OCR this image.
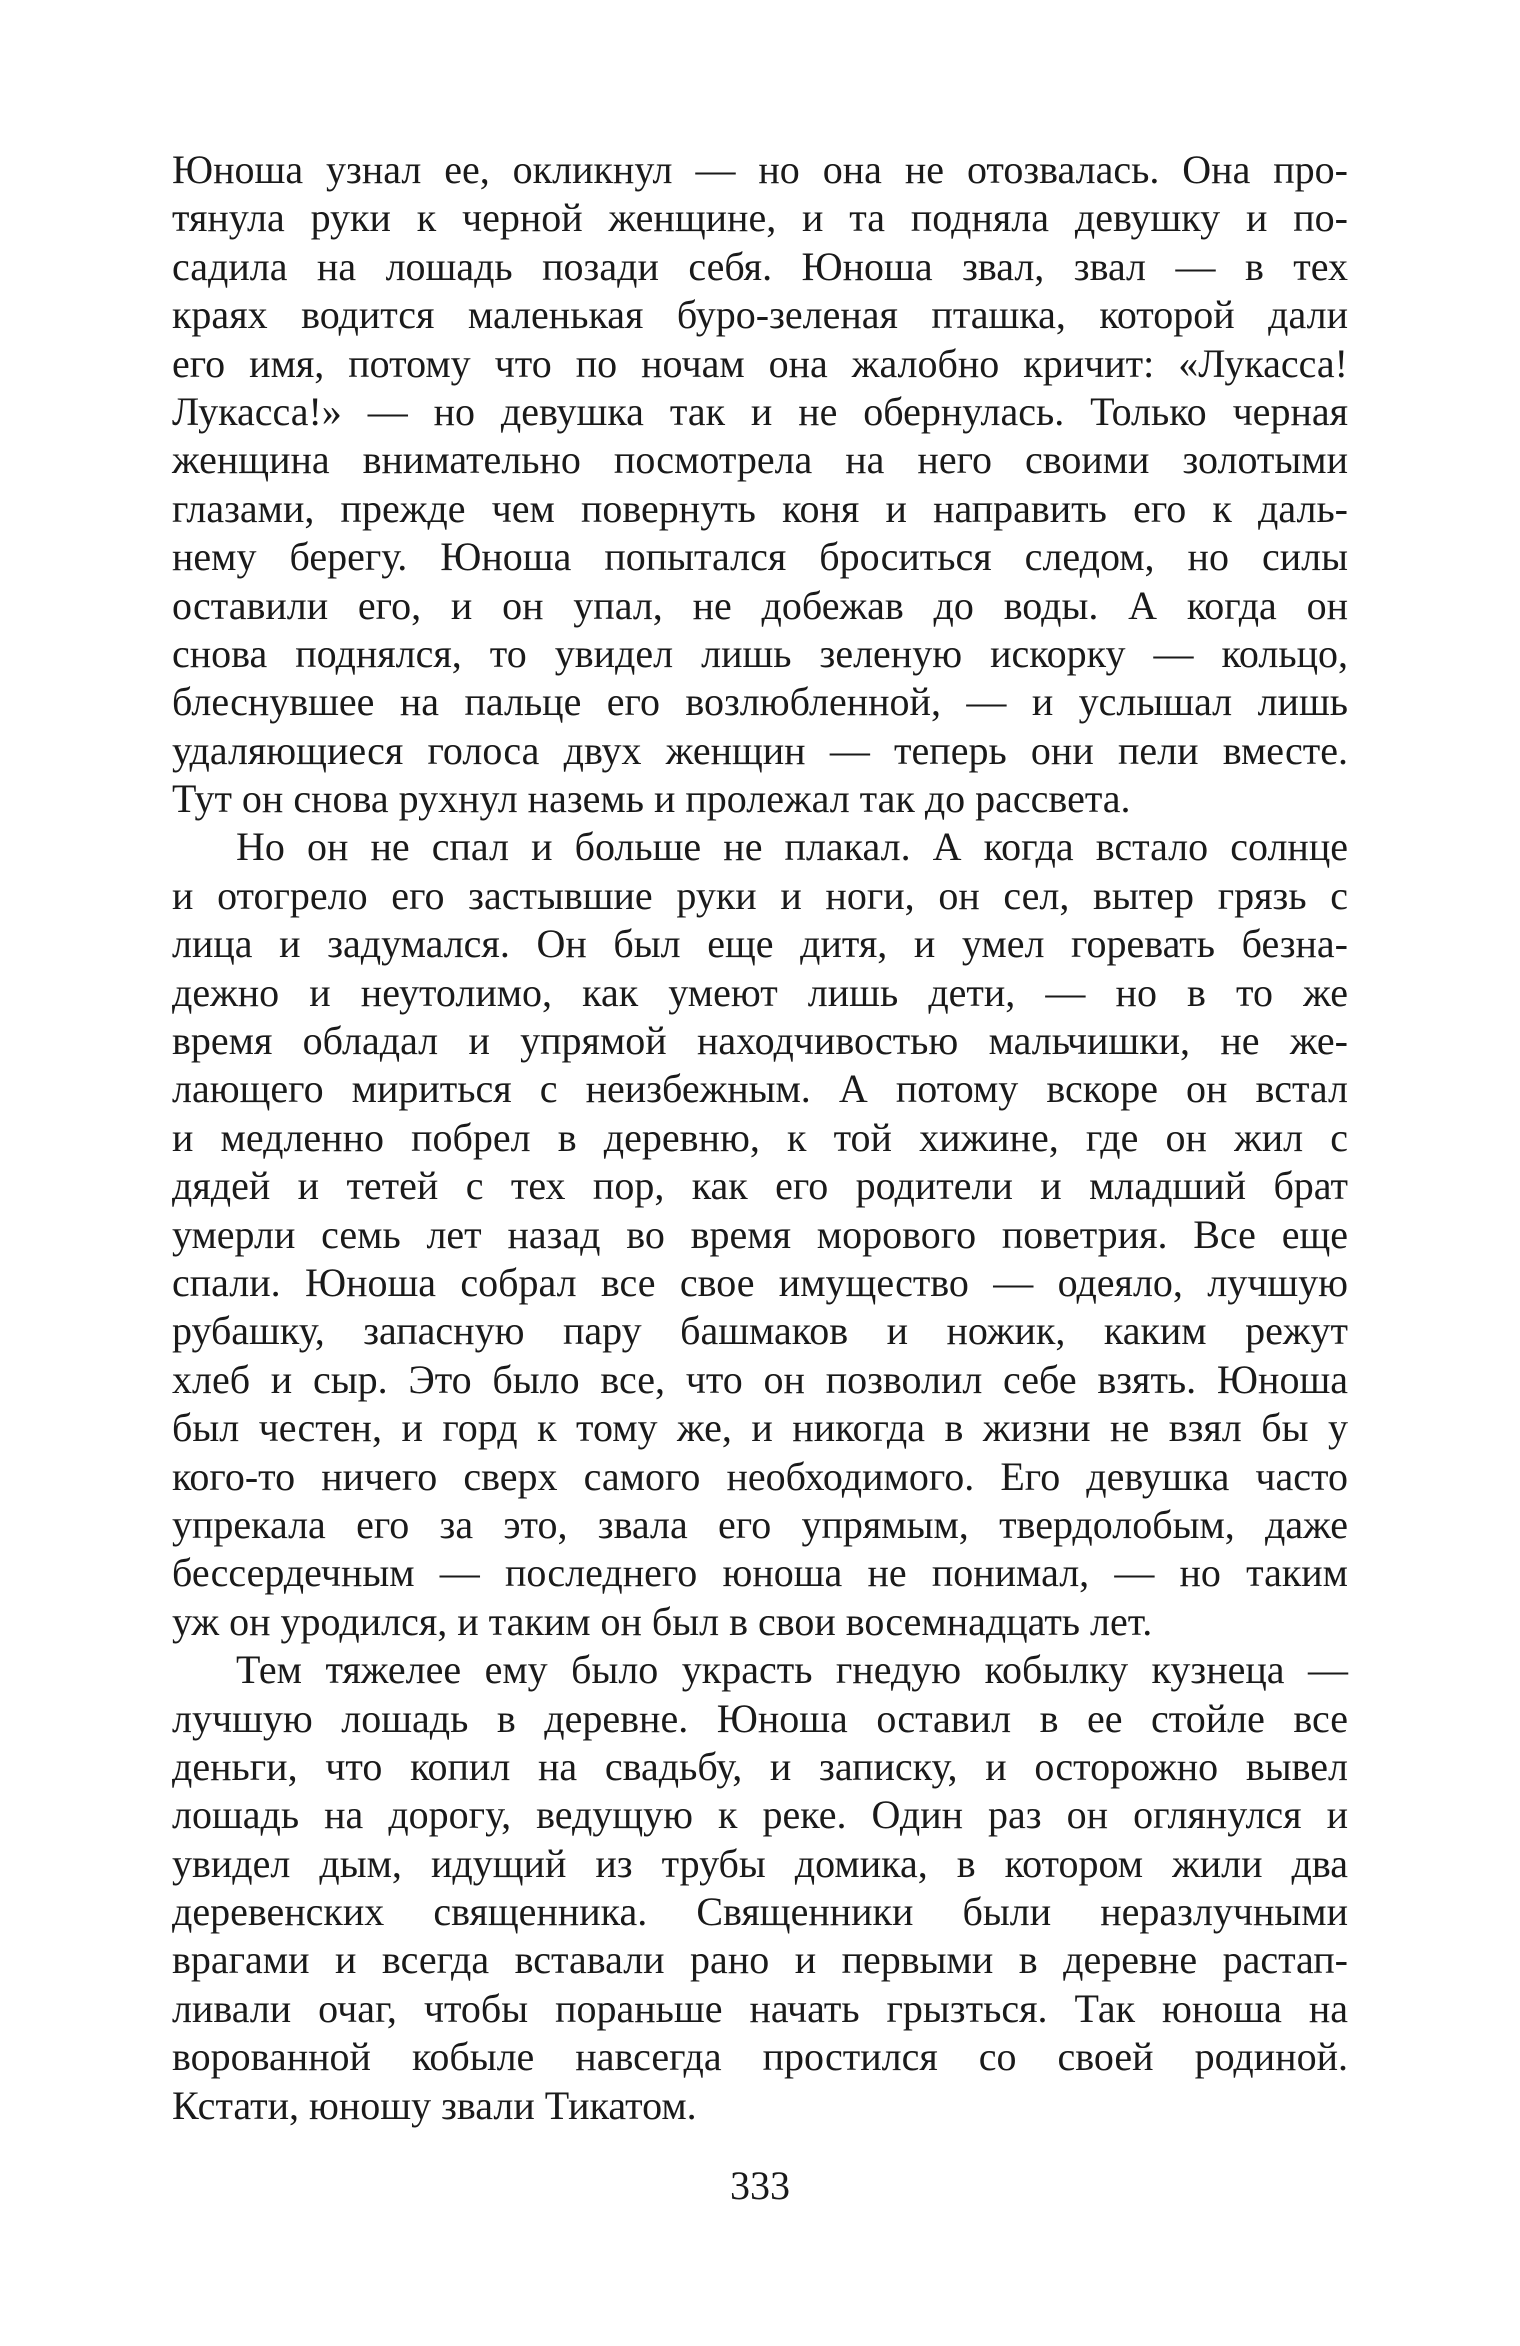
Юноша узнал ее, окликнул — но она не отозвалась. Она про-
тянула руки к черной женщине, и та подняла девушку и по-
садила на лошадь позади себя. Юноша звал, звал — в тех
краях водится маленькая буро-зеленая пташка, которой дали
его имя, потому что по ночам она жалобно кричит: «Лукасса!
Лукасса!» — но девушка так и не обернулась. Только черная
женщина внимательно посмотрела на него своими золотыми
глазами, прежде чем повернуть коня и направить его к даль-
нему берегу. Юноша попытался броситься следом, но силы
оставили его, и он упал, не добежав до воды. А когда он
снова поднялся, то увидел лишь зеленую искорку — кольцо,
блеснувшее на пальце его возлюбленной, — и услышал лишь
удаляющиеся голоса двух женщин — теперь они пели вместе.
Тут он снова рухнул наземь и пролежал так до рассвета.
Но он не спал и больше не плакал. А когда встало солнце
и отогрело его застывшие руки и ноги, он сел, вытер грязь с
лица и задумался. Он был еще дитя, и умел горевать безна-
дежно и неутолимо, как умеют лишь дети, — но в то же
время обладал и упрямой находчивостью мальчишки, не же-
лающего мириться с неизбежным. А потому вскоре он встал
и медленно побрел в деревню, к той хижине, где он жил с
дядей и тетей с тех пор, как его родители и младший брат
умерли семь лет назад во время морового поветрия. Все еще
спали. Юноша собрал все свое имущество — одеяло, лучшую
рубашку, запасную пару башмаков и ножик, каким режут
хлеб и сыр. Это было все, что он позволил себе взять. Юноша
был честен, и горд к тому же, и никогда в жизни не взял бы у
кого-то ничего сверх самого необходимого. Его девушка часто
упрекала его за это, звала его упрямым, твердолобым, даже
бессердечным — последнего юноша не понимал, — но таким
уж он уродился, и таким он был в свои восемнадцать лет.
Тем тяжелее ему было украсть гнедую кобылку кузнеца —
лучшую лошадь в деревне. Юноша оставил в ее стойле все
деньги, что копил на свадьбу, и записку, и осторожно вывел
лошадь на дорогу, ведущую к реке. Один раз он оглянулся и
увидел дым, идущий из трубы домика, в котором жили два
деревенских священника. Священники были неразлучными
врагами и всегда вставали рано и первыми в деревне растап-
ливали очаг, чтобы пораньше начать грызться. Так юноша на
ворованной кобыле навсегда простился со своей родиной.
Кстати, юношу звали Тикатом.
333
